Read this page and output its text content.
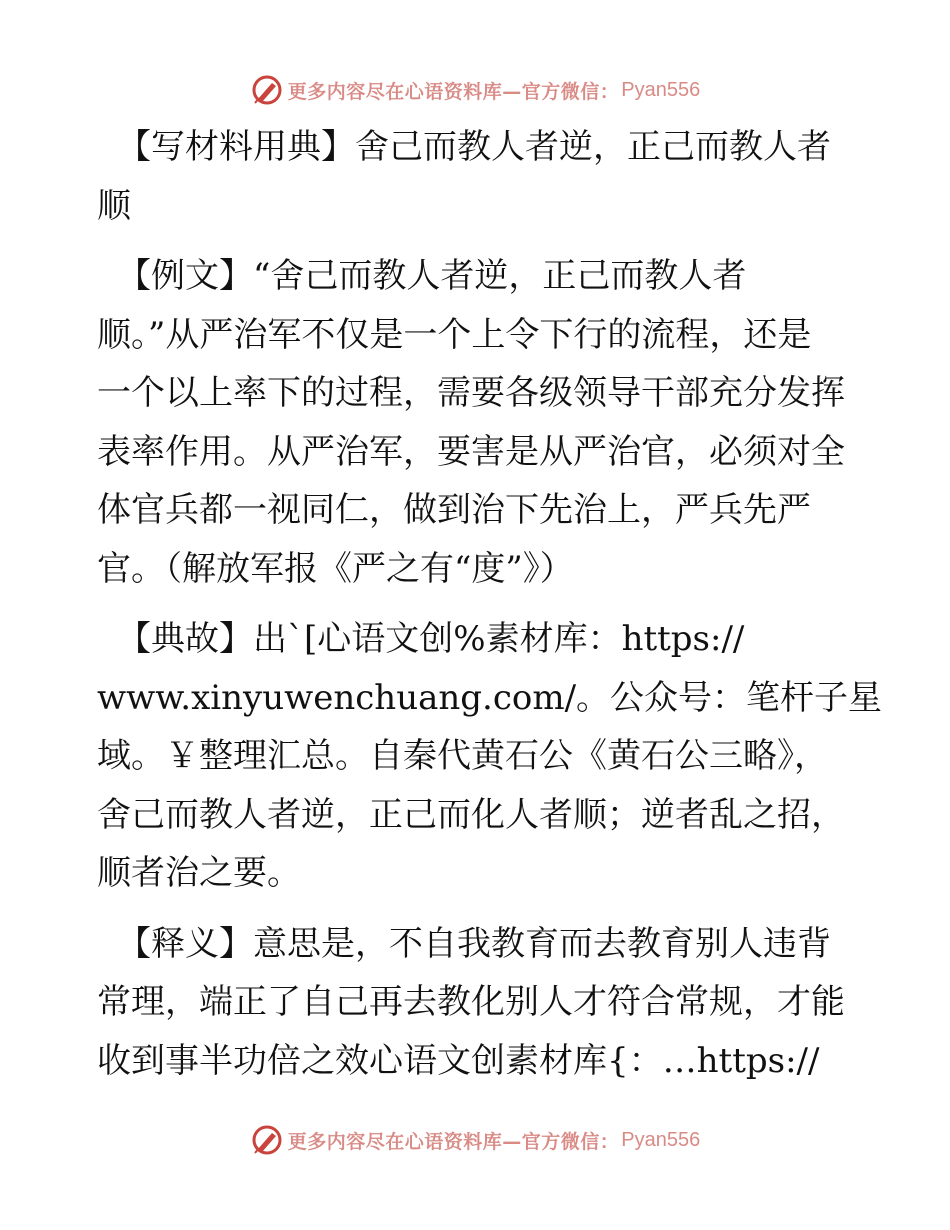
更多内容尽在心语资料库—官方微信： Pyan556

【写材料用典】舍己而教人者逆，正己而教人者
顺

【例文】“舍己而教人者逆，正己而教人者
顺。”从严治军不仅是一个上令下行的流程，还是
一个以上率下的过程，需要各级领导干部充分发挥
表率作用。从严治军，要害是从严治官，必须对全
体官兵都一视同仁，做到治下先治上，严兵先严
官。（解放军报《严之有“度”》）

【典故】出`[心语文创%素材库：https://
www.xinyuwenchuang.com/。公众号：笔杆子星
域。￥整理汇总。自秦代黄石公《黄石公三略》，
舍己而教人者逆，正己而化人者顺；逆者乱之招，
顺者治之要。

【释义】意思是，不自我教育而去教育别人违背
常理，端正了自己再去教化别人才符合常规，才能
收到事半功倍之效心语文创素材库{：…https://

更多内容尽在心语资料库—官方微信： Pyan556
